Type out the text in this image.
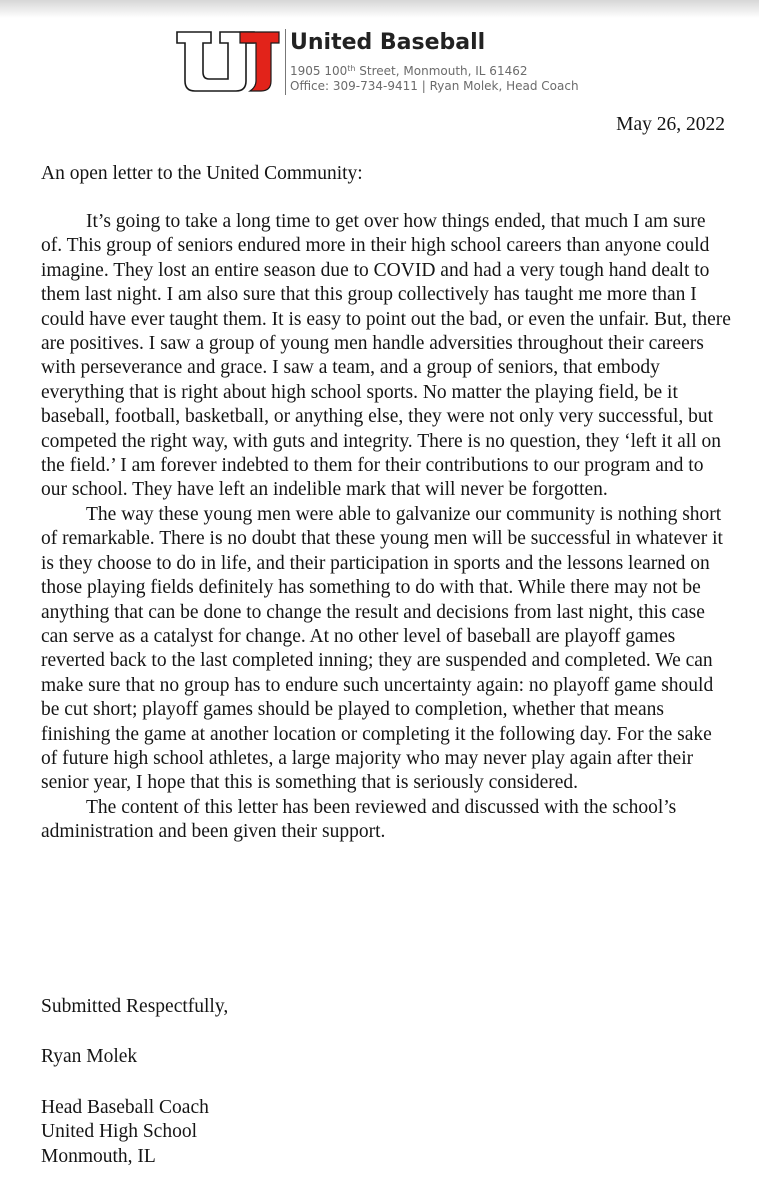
United Baseball
1905 100th Street, Monmouth, IL 61462
Office: 309-734-9411 | Ryan Molek, Head Coach
May 26, 2022
An open letter to the United Community:

It’s going to take a long time to get over how things ended, that much I am sure of. This group of seniors endured more in their high school careers than anyone could imagine. They lost an entire season due to COVID and had a very tough hand dealt to them last night. I am also sure that this group collectively has taught me more than I could have ever taught them. It is easy to point out the bad, or even the unfair. But, there are positives. I saw a group of young men handle adversities throughout their careers with perseverance and grace. I saw a team, and a group of seniors, that embody everything that is right about high school sports. No matter the playing field, be it baseball, football, basketball, or anything else, they were not only very successful, but competed the right way, with guts and integrity. There is no question, they ‘left it all on the field.’ I am forever indebted to them for their contributions to our program and to our school. They have left an indelible mark that will never be forgotten.

The way these young men were able to galvanize our community is nothing short of remarkable. There is no doubt that these young men will be successful in whatever it is they choose to do in life, and their participation in sports and the lessons learned on those playing fields definitely has something to do with that. While there may not be anything that can be done to change the result and decisions from last night, this case can serve as a catalyst for change. At no other level of baseball are playoff games reverted back to the last completed inning; they are suspended and completed. We can make sure that no group has to endure such uncertainty again: no playoff game should be cut short; playoff games should be played to completion, whether that means finishing the game at another location or completing it the following day. For the sake of future high school athletes, a large majority who may never play again after their senior year, I hope that this is something that is seriously considered.

The content of this letter has been reviewed and discussed with the school’s administration and been given their support.

Submitted Respectfully,
Ryan Molek
Head Baseball Coach
United High School
Monmouth, IL
